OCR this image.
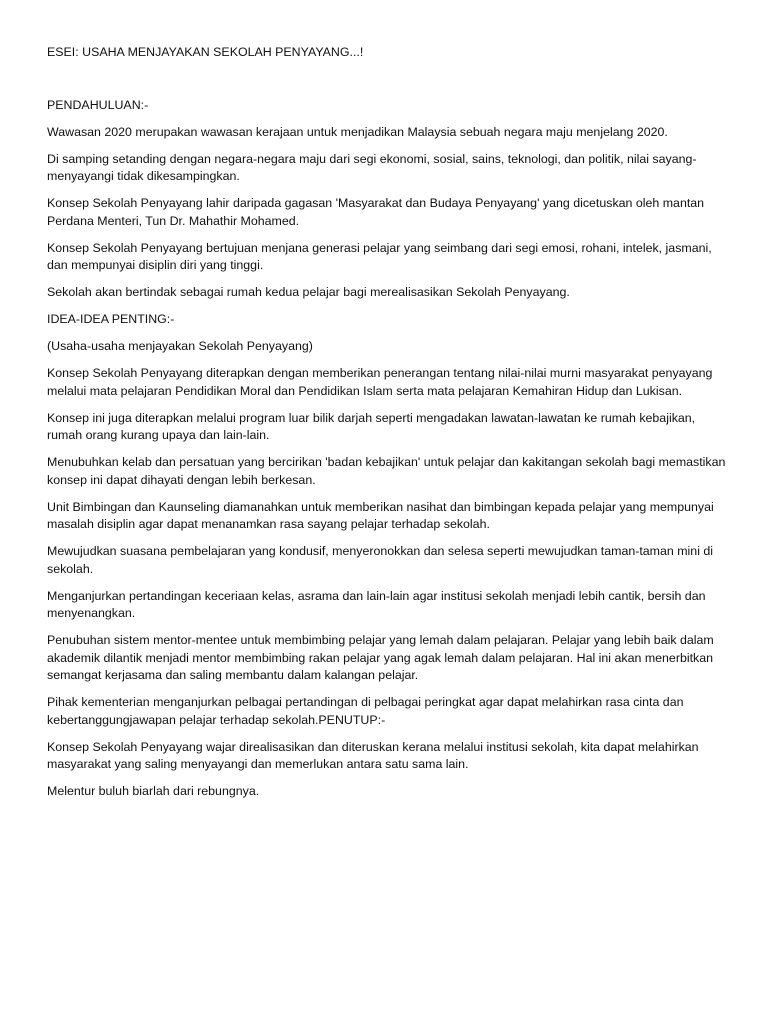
ESEI: USAHA MENJAYAKAN SEKOLAH PENYAYANG...!

PENDAHULUAN:-

Wawasan 2020 merupakan wawasan kerajaan untuk menjadikan Malaysia sebuah negara maju menjelang 2020.

Di samping setanding dengan negara-negara maju dari segi ekonomi, sosial, sains, teknologi, dan politik, nilai sayang-menyayangi tidak dikesampingkan.

Konsep Sekolah Penyayang lahir daripada gagasan 'Masyarakat dan Budaya Penyayang' yang dicetuskan oleh mantan Perdana Menteri, Tun Dr. Mahathir Mohamed.

Konsep Sekolah Penyayang bertujuan menjana generasi pelajar yang seimbang dari segi emosi, rohani, intelek, jasmani, dan mempunyai disiplin diri yang tinggi.

Sekolah akan bertindak sebagai rumah kedua pelajar bagi merealisasikan Sekolah Penyayang.

IDEA-IDEA PENTING:-

(Usaha-usaha menjayakan Sekolah Penyayang)

Konsep Sekolah Penyayang diterapkan dengan memberikan penerangan tentang nilai-nilai murni masyarakat penyayang melalui mata pelajaran Pendidikan Moral dan Pendidikan Islam serta mata pelajaran Kemahiran Hidup dan Lukisan.

Konsep ini juga diterapkan melalui program luar bilik darjah seperti mengadakan lawatan-lawatan ke rumah kebajikan, rumah orang kurang upaya dan lain-lain.

Menubuhkan kelab dan persatuan yang bercirikan 'badan kebajikan' untuk pelajar dan kakitangan sekolah bagi memastikan konsep ini dapat dihayati dengan lebih berkesan.

Unit Bimbingan dan Kaunseling diamanahkan untuk memberikan nasihat dan bimbingan kepada pelajar yang mempunyai masalah disiplin agar dapat menanamkan rasa sayang pelajar terhadap sekolah.

Mewujudkan suasana pembelajaran yang kondusif, menyeronokkan dan selesa seperti mewujudkan taman-taman mini di sekolah.

Menganjurkan pertandingan keceriaan kelas, asrama dan lain-lain agar institusi sekolah menjadi lebih cantik, bersih dan menyenangkan.

Penubuhan sistem mentor-mentee untuk membimbing pelajar yang lemah dalam pelajaran. Pelajar yang lebih baik dalam akademik dilantik menjadi mentor membimbing rakan pelajar yang agak lemah dalam pelajaran. Hal ini akan menerbitkan semangat kerjasama dan saling membantu dalam kalangan pelajar.

Pihak kementerian menganjurkan pelbagai pertandingan di pelbagai peringkat agar dapat melahirkan rasa cinta dan kebertanggungjawapan pelajar terhadap sekolah.PENUTUP:-

Konsep Sekolah Penyayang wajar direalisasikan dan diteruskan kerana melalui institusi sekolah, kita dapat melahirkan masyarakat yang saling menyayangi dan memerlukan antara satu sama lain.

Melentur buluh biarlah dari rebungnya.
